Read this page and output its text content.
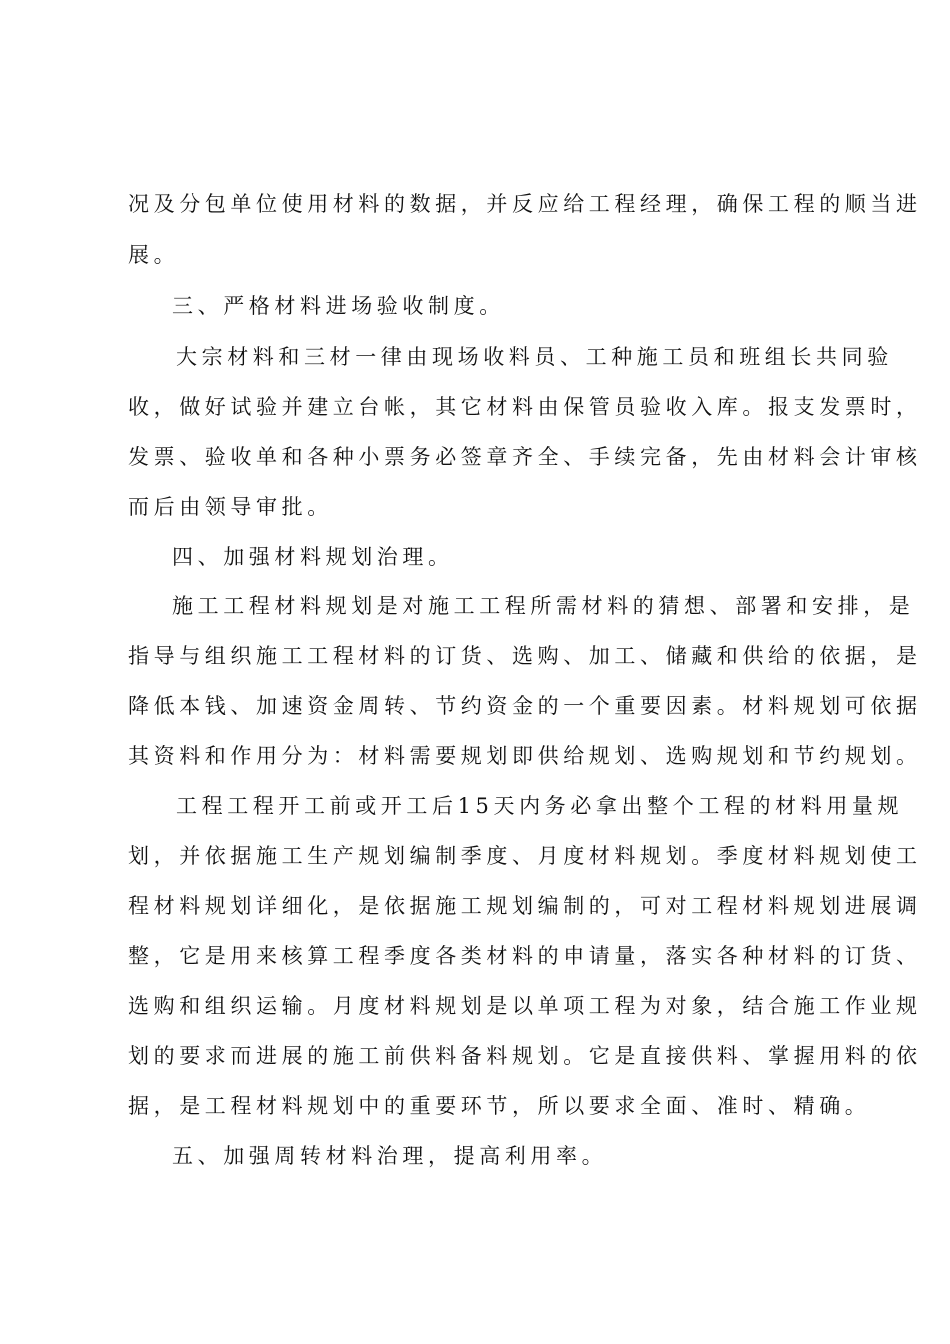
况及分包单位使用材料的数据，并反应给工程经理，确保工程的顺当进
展。
三、严格材料进场验收制度。
大宗材料和三材一律由现场收料员、工种施工员和班组长共同验
收，做好试验并建立台帐，其它材料由保管员验收入库。报支发票时，
发票、验收单和各种小票务必签章齐全、手续完备，先由材料会计审核
而后由领导审批。
四、加强材料规划治理。
施工工程材料规划是对施工工程所需材料的猜想、部署和安排，是
指导与组织施工工程材料的订货、选购、加工、储藏和供给的依据，是
降低本钱、加速资金周转、节约资金的一个重要因素。材料规划可依据
其资料和作用分为：材料需要规划即供给规划、选购规划和节约规划。
工程工程开工前或开工后15天内务必拿出整个工程的材料用量规
划，并依据施工生产规划编制季度、月度材料规划。季度材料规划使工
程材料规划详细化，是依据施工规划编制的，可对工程材料规划进展调
整，它是用来核算工程季度各类材料的申请量，落实各种材料的订货、
选购和组织运输。月度材料规划是以单项工程为对象，结合施工作业规
划的要求而进展的施工前供料备料规划。它是直接供料、掌握用料的依
据，是工程材料规划中的重要环节，所以要求全面、准时、精确。
五、加强周转材料治理，提高利用率。
